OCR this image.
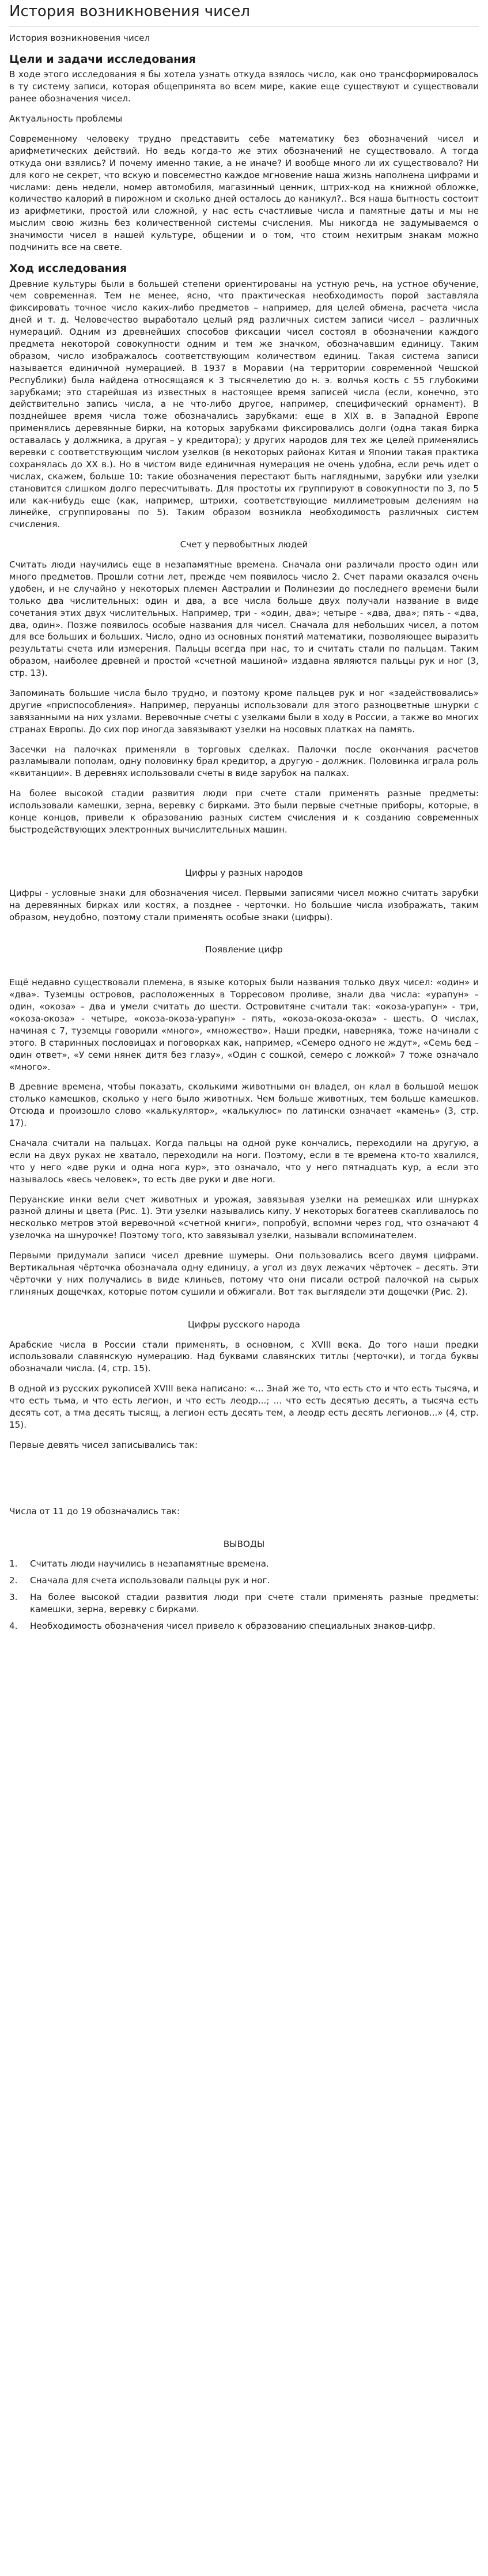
История возникновения чисел

История возникновения чисел

Цели и задачи исследования

В ходе этого исследования я бы хотела узнать откуда взялось число, как оно трансформировалось в ту систему записи, которая общепринята во всем мире, какие еще существуют и существовали ранее обозначения чисел.

Актуальность проблемы

Современному человеку трудно представить себе математику без обозначений чисел и арифметических действий. Но ведь когда-то же этих обозначений не существовало. А тогда откуда они взялись? И почему именно такие, а не иначе? И вообще много ли их существовало? Ни для кого не секрет, что вскую и повсеместно каждое мгновение наша жизнь наполнена цифрами и числами: день недели, номер автомобиля, магазинный ценник, штрих-код на книжной обложке, количество калорий в пирожном и сколько дней осталось до каникул?.. Вся наша бытность состоит из арифметики, простой или сложной, у нас есть счастливые числа и памятные даты и мы не мыслим свою жизнь без количественной системы счисления. Мы никогда не задумываемся о значимости чисел в нашей культуре, общении и о том, что стоим нехитрым знакам можно подчинить все на свете.

Ход исследования

Древние культуры были в большей степени ориентированы на устную речь, на устное обучение, чем современная. Тем не менее, ясно, что практическая необходимость порой заставляла фиксировать точное число каких-либо предметов – например, для целей обмена, расчета числа дней и т. д. Человечество выработало целый ряд различных систем записи чисел – различных нумераций. Одним из древнейших способов фиксации чисел состоял в обозначении каждого предмета некоторой совокупности одним и тем же значком, обозначавшим единицу. Таким образом, число изображалось соответствующим количеством единиц. Такая система записи называется единичной нумерацией. В 1937 в Моравии (на территории современной Чешской Республики) была найдена относящаяся к 3 тысячелетию до н. э. волчья кость с 55 глубокими зарубками; это старейшая из известных в настоящее время записей числа (если, конечно, это действительно запись числа, а не что-либо другое, например, специфический орнамент). В позднейшее время числа тоже обозначались зарубками: еще в XIX в. в Западной Европе применялись деревянные бирки, на которых зарубками фиксировались долги (одна такая бирка оставалась у должника, а другая – у кредитора); у других народов для тех же целей применялись веревки с соответствующим числом узелков (в некоторых районах Китая и Японии такая практика сохранялась до XX в.). Но в чистом виде единичная нумерация не очень удобна, если речь идет о числах, скажем, больше 10: такие обозначения перестают быть наглядными, зарубки или узелки становится слишком долго пересчитывать. Для простоты их группируют в совокупности по 3, по 5 или как-нибудь еще (как, например, штрихи, соответствующие миллиметровым делениям на линейке, сгруппированы по 5). Таким образом возникла необходимость различных систем счисления.

Счет у первобытных людей

Считать люди научились еще в незапамятные времена. Сначала они различали просто один или много предметов. Прошли сотни лет, прежде чем появилось число 2. Счет парами оказался очень удобен, и не случайно у некоторых племен Австралии и Полинезии до последнего времени были только два числительных: один и два, а все числа больше двух получали название в виде сочетания этих двух числительных. Например, три - «один, два»; четыре - «два, два»; пять - «два, два, один». Позже появилось особые названия для чисел. Сначала для небольших чисел, а потом для все больших и больших. Число, одно из основных понятий математики, позволяющее выразить результаты счета или измерения. Пальцы всегда при нас, то и считать стали по пальцам. Таким образом, наиболее древней и простой «счетной машиной» издавна являются пальцы рук и ног (3, стр. 13).

Запоминать большие числа было трудно, и поэтому кроме пальцев рук и ног «задействовались» другие «приспособления». Например, перуанцы использовали для этого разноцветные шнурки с завязанными на них узлами. Веревочные счеты с узелками были в ходу в России, а также во многих странах Европы. До сих пор иногда завязывают узелки на носовых платках на память.

Засечки на палочках применяли в торговых сделках. Палочки после окончания расчетов разламывали пополам, одну половинку брал кредитор, а другую - должник. Половинка играла роль «квитанции». В деревнях использовали счеты в виде зарубок на палках.

На более высокой стадии развития люди при счете стали применять разные предметы: использовали камешки, зерна, веревку с бирками. Это были первые счетные приборы, которые, в конце концов, привели к образованию разных систем счисления и к созданию современных быстродействующих электронных вычислительных машин.

Цифры у разных народов

Цифры - условные знаки для обозначения чисел. Первыми записями чисел можно считать зарубки на деревянных бирках или костях, а позднее - черточки. Но большие числа изображать, таким образом, неудобно, поэтому стали применять особые знаки (цифры).

Появление цифр

Ещё недавно существовали племена, в языке которых были названия только двух чисел: «один» и «два». Туземцы островов, расположенных в Торресовом проливе, знали два числа: «урапун» – один, «окоза» – два и умели считать до шести. Островитяне считали так: «окоза-урапун» - три, «окоза-окоза» - четыре, «окоза-окоза-урапун» - пять, «окоза-окоза-окоза» - шесть. О числах, начиная с 7, туземцы говорили «много», «множество». Наши предки, наверняка, тоже начинали с этого. В старинных пословицах и поговорках как, например, «Семеро одного не ждут», «Семь бед – один ответ», «У семи нянек дитя без глазу», «Один с сошкой, семеро с ложкой» 7 тоже означало «много».

В древние времена, чтобы показать, сколькими животными он владел, он клал в большой мешок столько камешков, сколько у него было животных. Чем больше животных, тем больше камешков. Отсюда и произошло слово «калькулятор», «калькулюс» по латински означает «камень» (3, стр. 17).

Сначала считали на пальцах. Когда пальцы на одной руке кончались, переходили на другую, а если на двух руках не хватало, переходили на ноги. Поэтому, если в те времена кто-то хвалился, что у него «две руки и одна нога кур», это означало, что у него пятнадцать кур, а если это называлось «весь человек», то есть две руки и две ноги.

Перуанские инки вели счет животных и урожая, завязывая узелки на ремешках или шнурках разной длины и цвета (Рис. 1). Эти узелки назывались кипу. У некоторых богатеев скапливалось по несколько метров этой веревочной «счетной книги», попробуй, вспомни через год, что означают 4 узелочка на шнурочке! Поэтому того, кто завязывал узелки, называли вспоминателем.

Первыми придумали записи чисел древние шумеры. Они пользовались всего двумя цифрами. Вертикальная чёрточка обозначала одну единицу, а угол из двух лежачих чёрточек – десять. Эти чёрточки у них получались в виде клиньев, потому что они писали острой палочкой на сырых глиняных дощечках, которые потом сушили и обжигали. Вот так выглядели эти дощечки (Рис. 2).

Цифры русского народа

Арабские числа в России стали применять, в основном, с XVIII века. До того наши предки использовали славянскую нумерацию. Над буквами славянских титлы (черточки), и тогда буквы обозначали числа. (4, стр. 15).

В одной из русских рукописей XVIII века написано: «... Знай же то, что есть сто и что есть тысяча, и что есть тьма, и что есть легион, и что есть леодр...; ... что есть десятью десять, а тысяча есть десять сот, а тма десять тысящ, а легион есть десять тем, а леодр есть десять легионов...» (4, стр. 15).

Первые девять чисел записывались так:

Числа от 11 до 19 обозначались так:

ВЫВОДЫ

1.	Считать люди научились в незапамятные времена.
2.	Сначала для счета использовали пальцы рук и ног.
3.	На более высокой стадии развития люди при счете стали применять разные предметы: камешки, зерна, веревку с бирками.
4.	Необходимость обозначения чисел привело к образованию специальных знаков-цифр.
